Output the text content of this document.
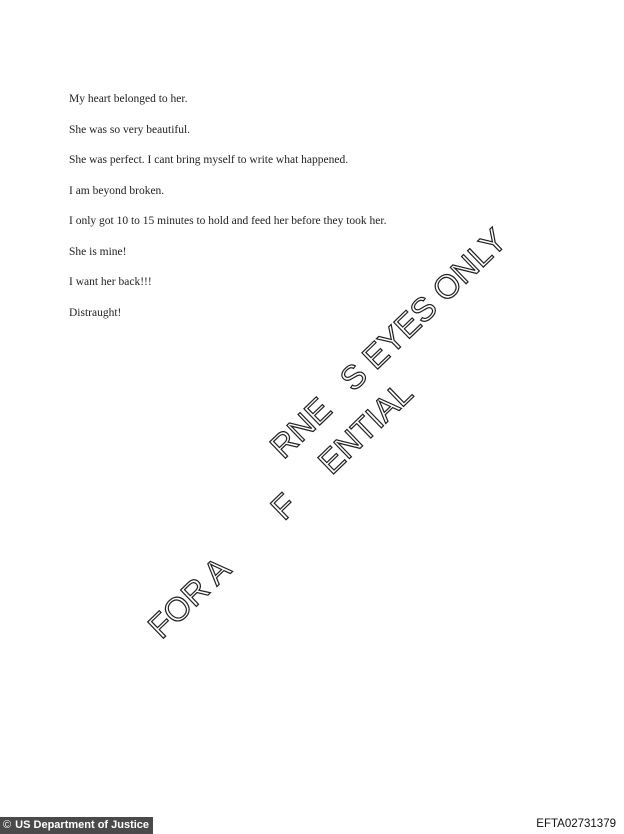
My heart belonged to her.
She was so very beautiful.
She was perfect. I cant bring myself to write what happened.
I am beyond broken.
I only got 10 to 15 minutes to hold and feed her before they took her.
She is mine!
I want her back!!!
Distraught!
FOR A        F     ENTIAL
RNE   S EYES ONLY
© US Department of Justice	EFTA02731379
